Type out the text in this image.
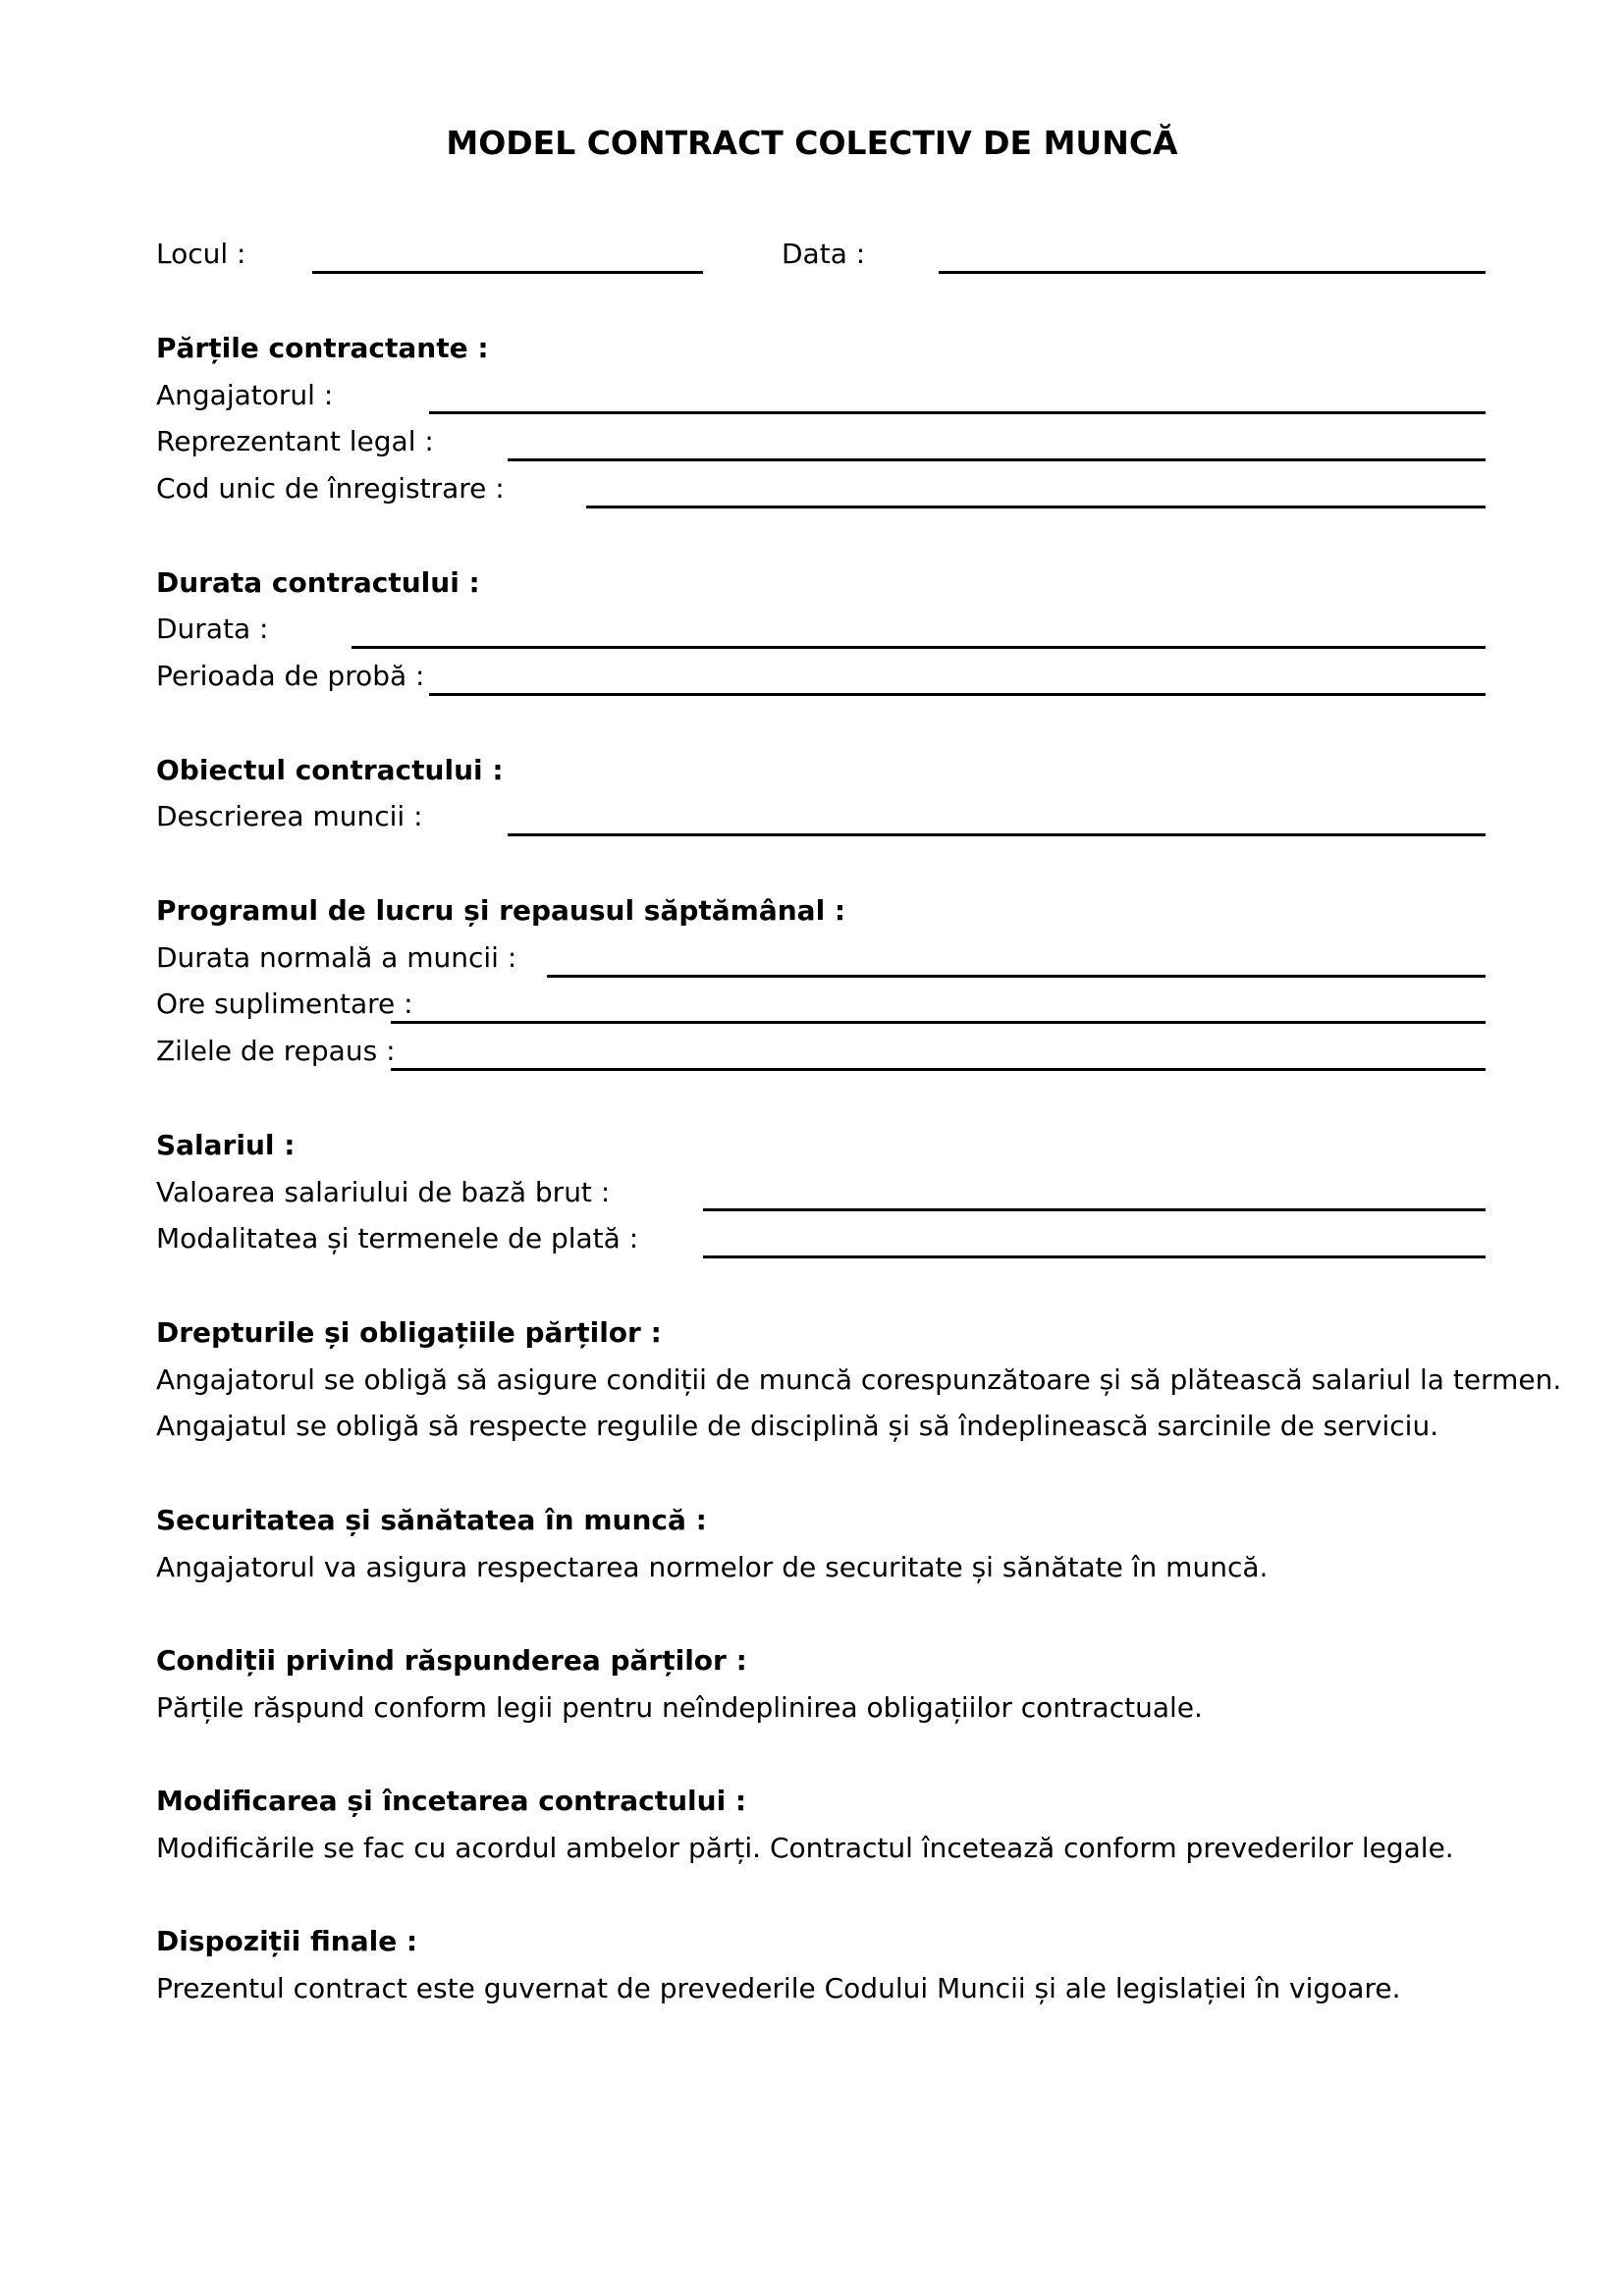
MODEL CONTRACT COLECTIV DE MUNCĂ
Locul :	Data :
Părțile contractante :
Angajatorul :
Reprezentant legal :
Cod unic de înregistrare :
Durata contractului :
Durata :
Perioada de probă :
Obiectul contractului :
Descrierea muncii :
Programul de lucru și repausul săptămânal :
Durata normală a muncii :
Ore suplimentare :
Zilele de repaus :
Salariul :
Valoarea salariului de bază brut :
Modalitatea și termenele de plată :
Drepturile și obligațiile părților :
Angajatorul se obligă să asigure condiții de muncă corespunzătoare și să plătească salariul la termen.
Angajatul se obligă să respecte regulile de disciplină și să îndeplinească sarcinile de serviciu.
Securitatea și sănătatea în muncă :
Angajatorul va asigura respectarea normelor de securitate și sănătate în muncă.
Condiții privind răspunderea părților :
Părțile răspund conform legii pentru neîndeplinirea obligațiilor contractuale.
Modificarea și încetarea contractului :
Modificările se fac cu acordul ambelor părți. Contractul încetează conform prevederilor legale.
Dispoziții finale :
Prezentul contract este guvernat de prevederile Codului Muncii și ale legislației în vigoare.
